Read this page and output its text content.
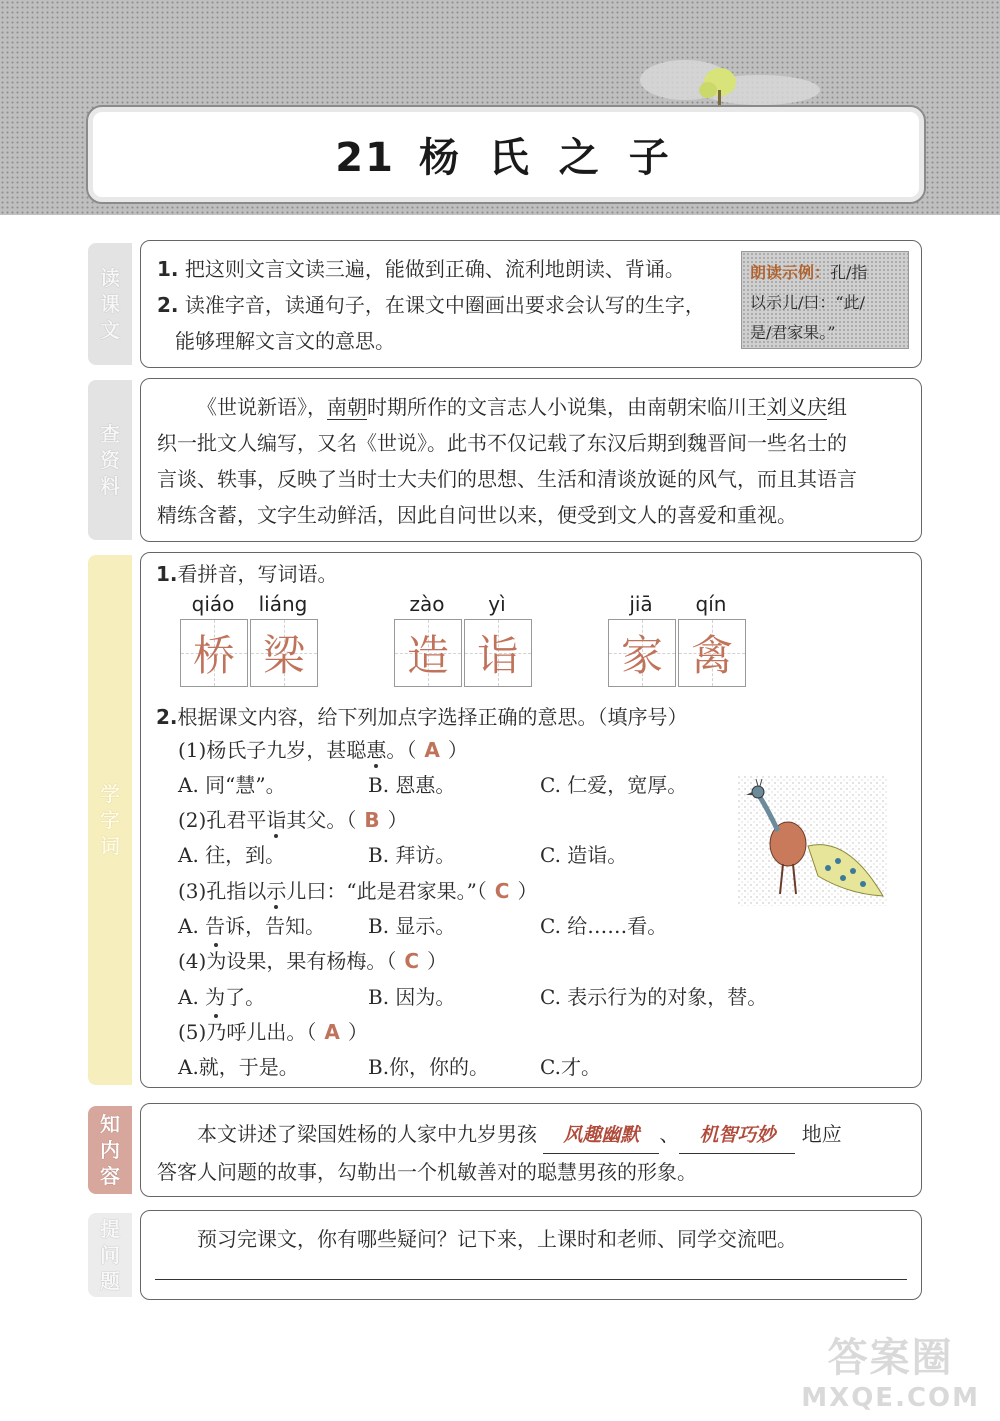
21 杨 氏 之 子
读
课
文
1. 把这则文言文读三遍，能做到正确、流利地朗读、背诵。
2. 读准字音，读通句子，在课文中圈画出要求会认写的生字，
能够理解文言文的意思。
朗读示例：孔/指
以示儿/曰：“此/
是/君家果。”
查
资
料
《世说新语》，南朝时期所作的文言志人小说集，由南朝宋临川王刘义庆组
织一批文人编写，又名《世说》。此书不仅记载了东汉后期到魏晋间一些名士的
言谈、轶事，反映了当时士大夫们的思想、生活和清谈放诞的风气，而且其语言
精练含蓄，文字生动鲜活，因此自问世以来，便受到文人的喜爱和重视。
学
字
词
1.看拼音，写词语。
qiáo	liáng
桥 梁
zào	yì
造 诣
jiā	qín
家 禽
2.根据课文内容，给下列加点字选择正确的意思。（填序号）
(1)杨氏子九岁，甚聪惠。（ A ）
A. 同“慧”。	B. 恩惠。	C. 仁爱，宽厚。
(2)孔君平诣其父。（ B ）
A. 往，到。	B. 拜访。	C. 造诣。
(3)孔指以示儿曰：“此是君家果。”（ C ）
A. 告诉，告知。 B. 显示。	C. 给……看。
(4)为设果，果有杨梅。（ C ）
A. 为了。	B. 因为。	C. 表示行为的对象，替。
(5)乃呼儿出。（ A ）
A.就，于是。	B.你，你的。	C.才。
知
内
容
本文讲述了梁国姓杨的人家中九岁男孩 风趣幽默 、 机智巧妙 地应
答客人问题的故事，勾勒出一个机敏善对的聪慧男孩的形象。
提
问
题
预习完课文，你有哪些疑问？记下来，上课时和老师、同学交流吧。
答案圈
MXQE.COM
